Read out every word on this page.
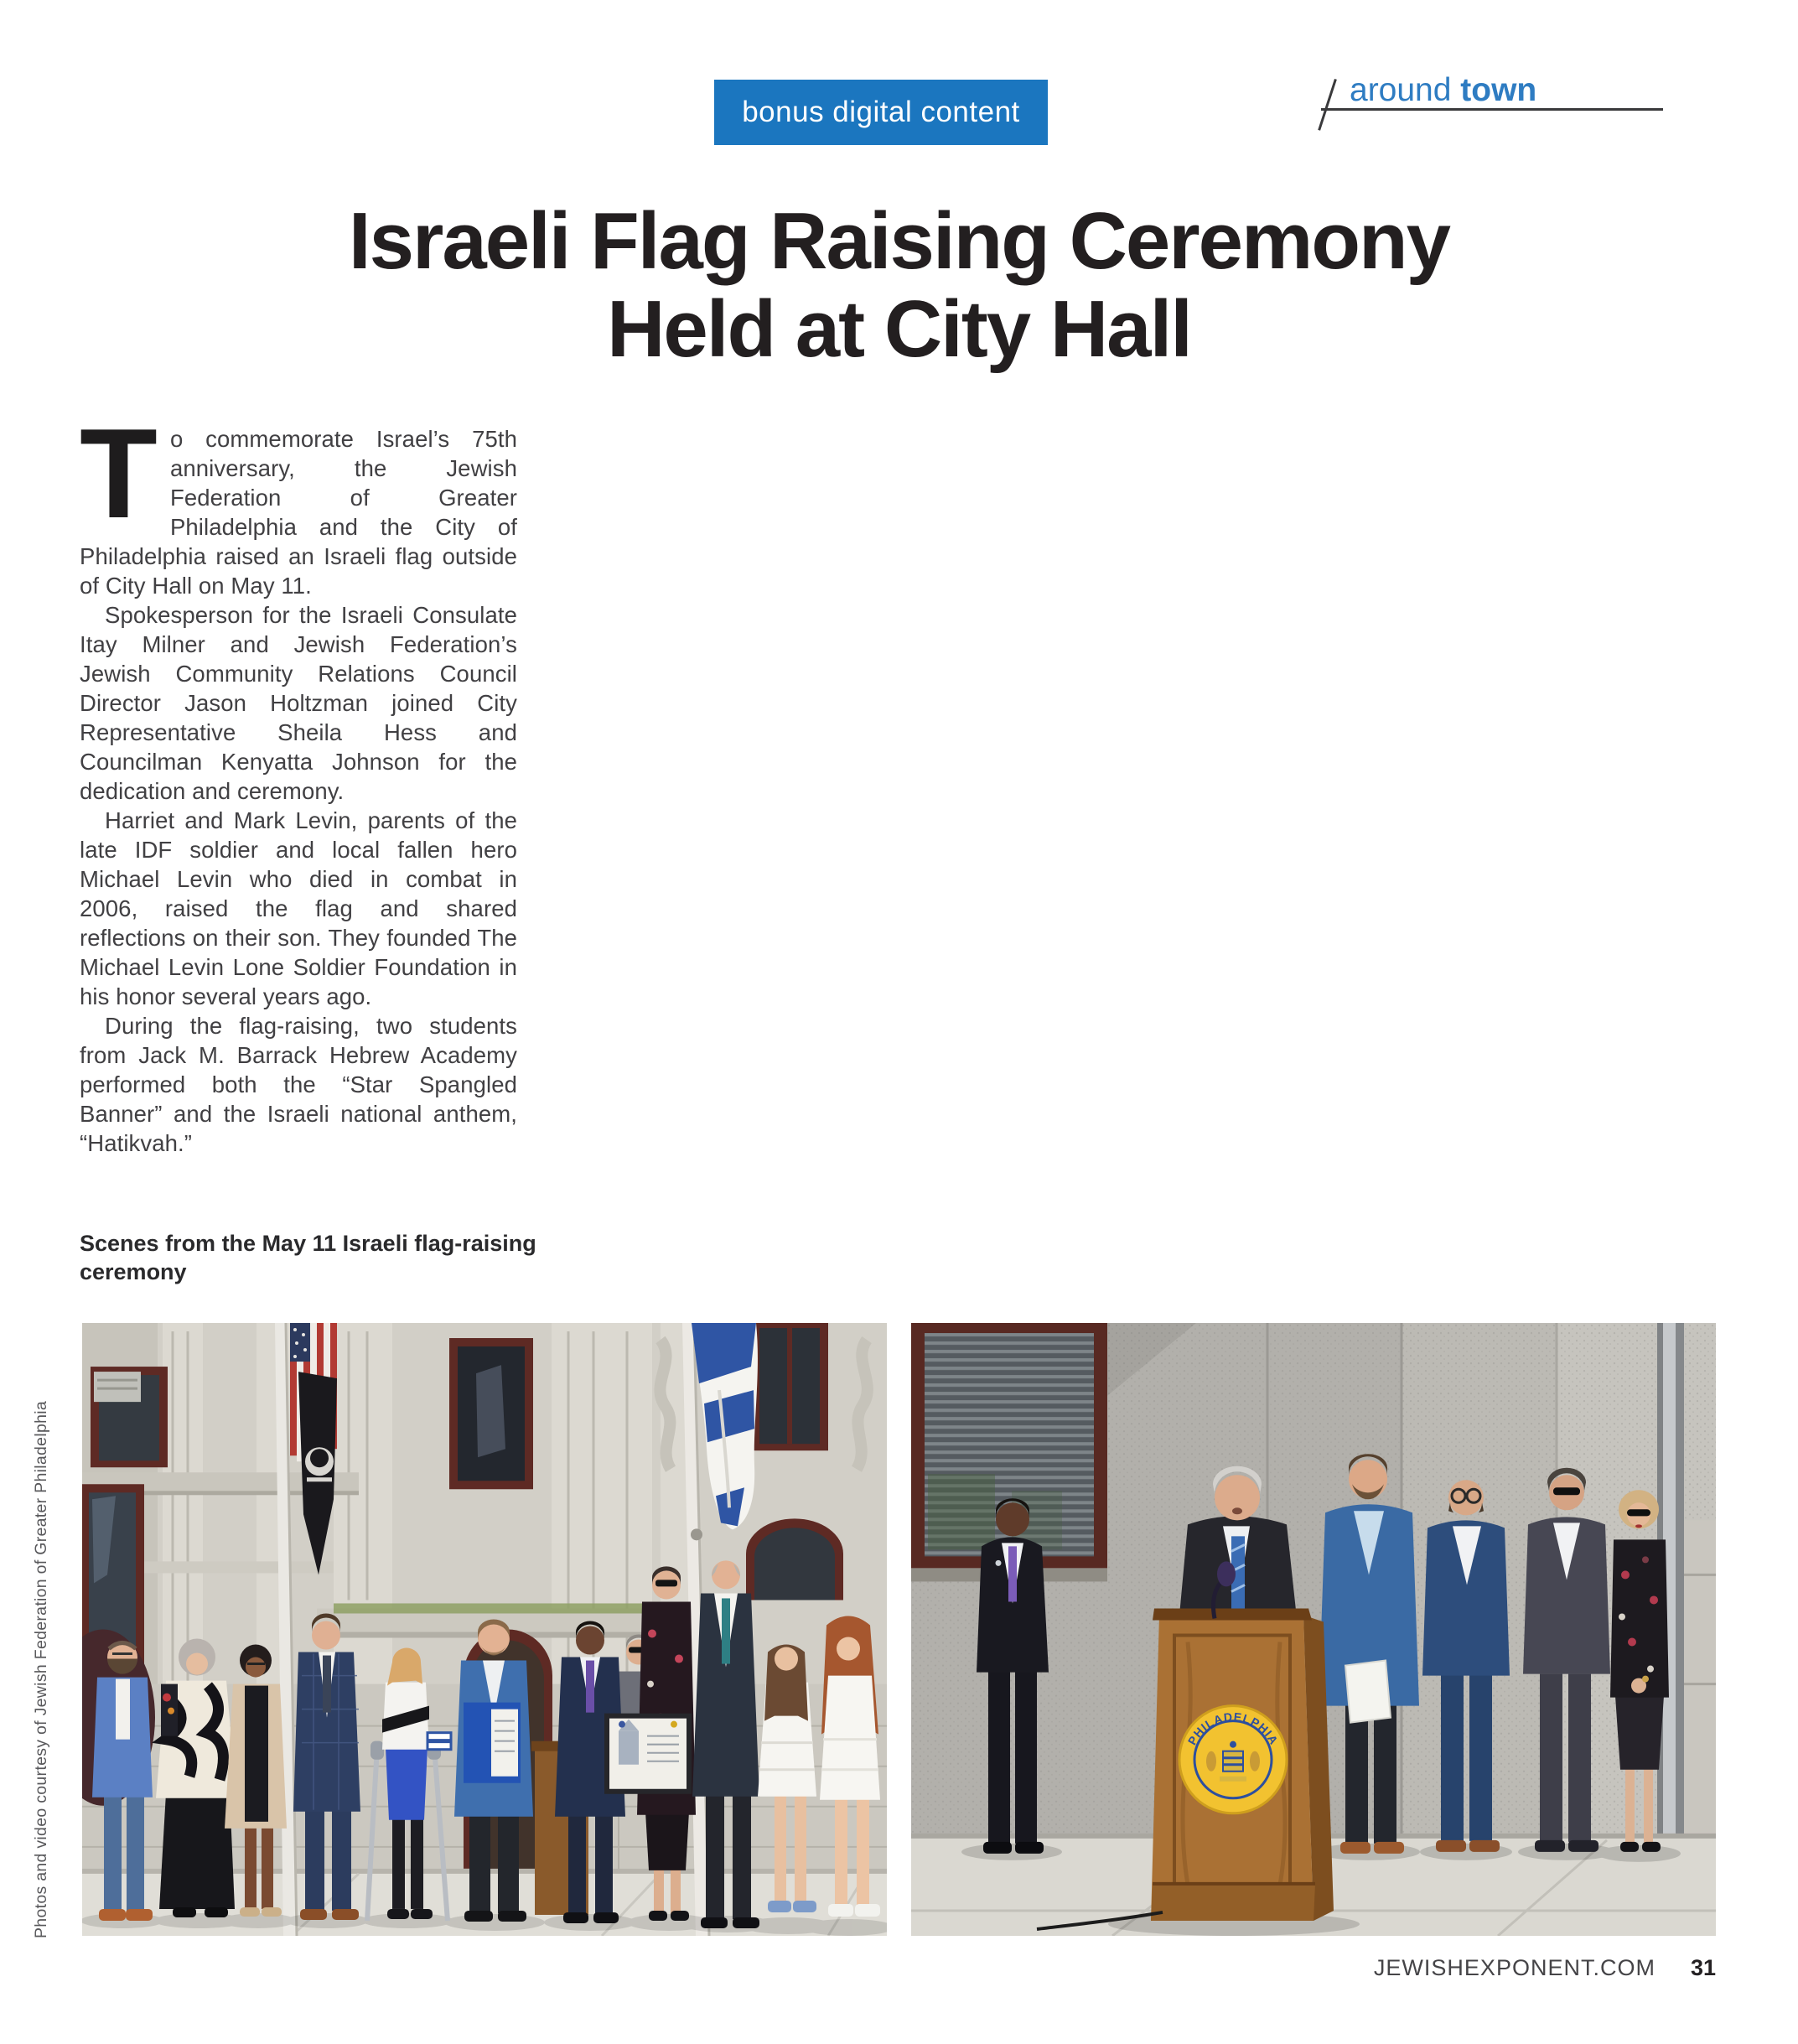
bonus digital content
around town
Israeli Flag Raising Ceremony
Held at City Hall

To commemorate Israel’s 75th anniversary, the Jewish Federation of Greater Philadelphia and the City of Philadelphia raised an Israeli flag outside of City Hall on May 11.

Spokesperson for the Israeli Consulate Itay Milner and Jewish Federation’s Jewish Community Relations Council Director Jason Holtzman joined City Representative Sheila Hess and Councilman Kenyatta Johnson for the dedication and ceremony.

Harriet and Mark Levin, parents of the late IDF soldier and local fallen hero Michael Levin who died in combat in 2006, raised the flag and shared reflections on their son. They founded The Michael Levin Lone Soldier Foundation in his honor several years ago.

During the flag-raising, two students from Jack M. Barrack Hebrew Academy performed both the “Star Spangled Banner” and the Israeli national anthem, “Hatikvah.”

Scenes from the May 11 Israeli flag-raising ceremony
Photos and video courtesy of Jewish Federation of Greater Philadelphia	PHILADELPHIA
JEWISHEXPONENT.COM 31
